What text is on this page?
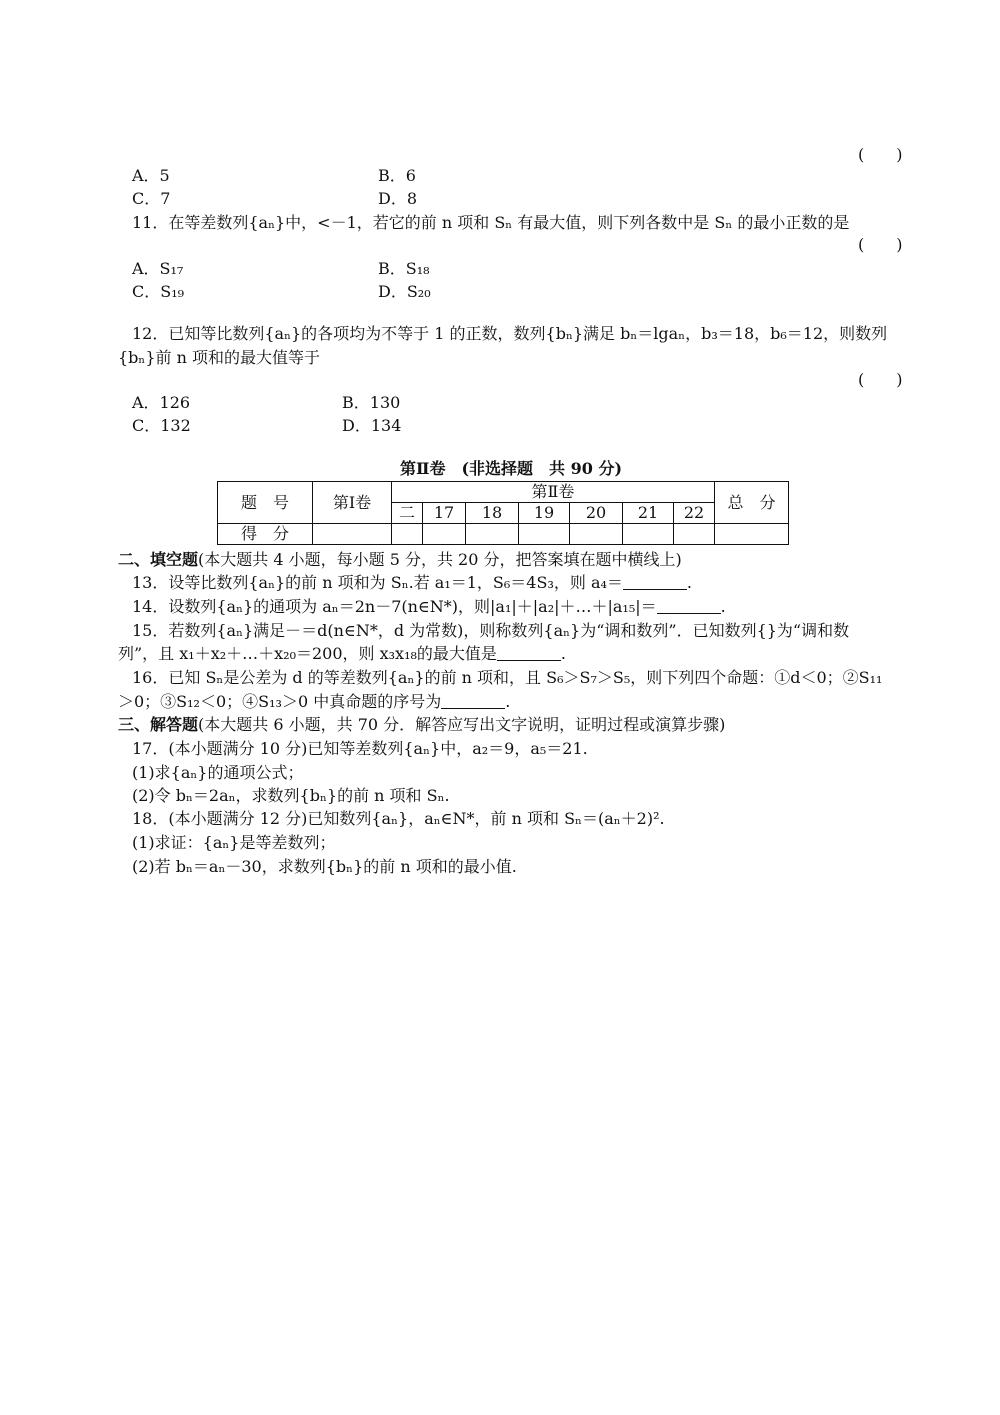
(　　)
A．5	B．6
C．7	D．8
11．在等差数列{aₙ}中，<－1，若它的前 n 项和 Sₙ 有最大值，则下列各数中是 Sₙ 的最小正数的是
(　　)
A．S₁₇	B．S₁₈
C．S₁₉	D．S₂₀
12．已知等比数列{aₙ}的各项均为不等于 1 的正数，数列{bₙ}满足 bₙ＝lgaₙ，b₃＝18，b₆＝12，则数列
{bₙ}前 n 项和的最大值等于
(　　)
A．126	B．130
C．132	D．134
第Ⅱ卷　(非选择题　共 90 分)
题　号	第Ⅰ卷	第Ⅱ卷							总　分
		二	17	18	19	20	21	22	
得　分									
二、填空题(本大题共 4 小题，每小题 5 分，共 20 分，把答案填在题中横线上)
13．设等比数列{aₙ}的前 n 项和为 Sₙ.若 a₁＝1，S₆＝4S₃，则 a₄＝	.
14．设数列{aₙ}的通项为 aₙ＝2n－7(n∈N*)，则|a₁|＋|a₂|＋…＋|a₁₅|＝	.
15．若数列{aₙ}满足－＝d(n∈N*，d 为常数)，则称数列{aₙ}为“调和数列”．已知数列{}为“调和数
列”，且 x₁＋x₂＋…＋x₂₀＝200，则 x₃x₁₈的最大值是	.
16．已知 Sₙ是公差为 d 的等差数列{aₙ}的前 n 项和，且 S₆＞S₇＞S₅，则下列四个命题：①d＜0；②S₁₁
＞0；③S₁₂＜0；④S₁₃＞0 中真命题的序号为	.
三、解答题(本大题共 6 小题，共 70 分．解答应写出文字说明，证明过程或演算步骤)
17．(本小题满分 10 分)已知等差数列{aₙ}中，a₂＝9，a₅＝21.
(1)求{aₙ}的通项公式；
(2)令 bₙ＝2aₙ，求数列{bₙ}的前 n 项和 Sₙ.
18．(本小题满分 12 分)已知数列{aₙ}，aₙ∈N*，前 n 项和 Sₙ＝(aₙ＋2)².
(1)求证：{aₙ}是等差数列；
(2)若 bₙ＝aₙ－30，求数列{bₙ}的前 n 项和的最小值.
